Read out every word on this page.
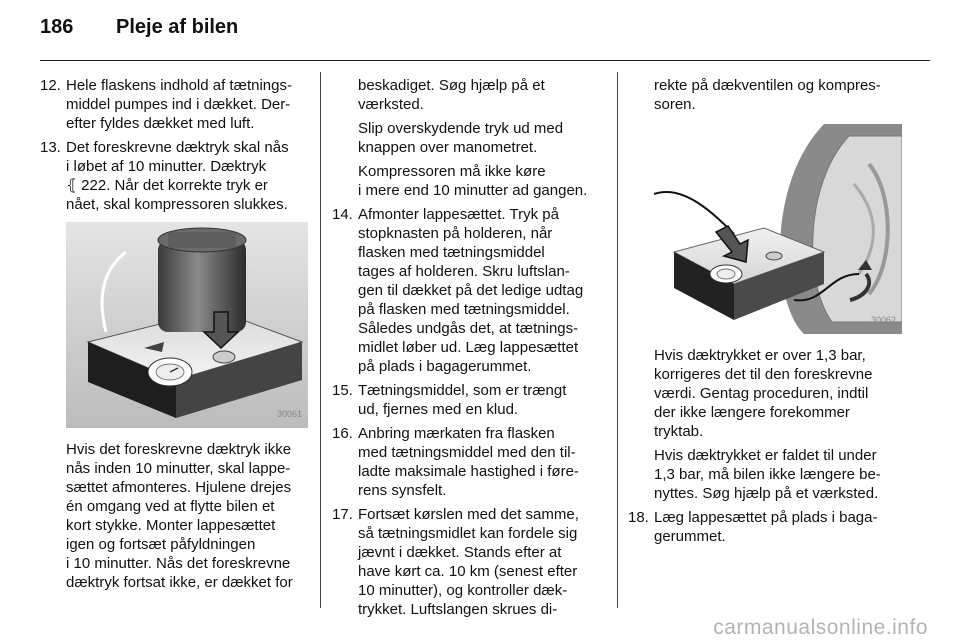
186 Pleje af bilen
12. Hele flaskens indhold af tætnings-
middel pumpes ind i dækket. Der-
efter fyldes dækket med luft.
13. Det foreskrevne dæktryk skal nås
i løbet af 10 minutter. Dæktryk
⦃ 222. Når det korrekte tryk er
nået, skal kompressoren slukkes.
30061
Hvis det foreskrevne dæktryk ikke
nås inden 10 minutter, skal lappe-
sættet afmonteres. Hjulene drejes
én omgang ved at flytte bilen et
kort stykke. Monter lappesættet
igen og fortsæt påfyldningen
i 10 minutter. Nås det foreskrevne
dæktryk fortsat ikke, er dækket for
beskadiget. Søg hjælp på et
værksted.
Slip overskydende tryk ud med
knappen over manometret.
Kompressoren må ikke køre
i mere end 10 minutter ad gangen.
14. Afmonter lappesættet. Tryk på
stopknasten på holderen, når
flasken med tætningsmiddel
tages af holderen. Skru luftslan-
gen til dækket på det ledige udtag
på flasken med tætningsmiddel.
Således undgås det, at tætnings-
midlet løber ud. Læg lappesættet
på plads i bagagerummet.
15. Tætningsmiddel, som er trængt
ud, fjernes med en klud.
16. Anbring mærkaten fra flasken
med tætningsmiddel med den til-
ladte maksimale hastighed i føre-
rens synsfelt.
17. Fortsæt kørslen med det samme,
så tætningsmidlet kan fordele sig
jævnt i dækket. Stands efter at
have kørt ca. 10 km (senest efter
10 minutter), og kontroller dæk-
trykket. Luftslangen skrues di-
rekte på dækventilen og kompres-
soren.
30062
Hvis dæktrykket er over 1,3 bar,
korrigeres det til den foreskrevne
værdi. Gentag proceduren, indtil
der ikke længere forekommer
tryktab.
Hvis dæktrykket er faldet til under
1,3 bar, må bilen ikke længere be-
nyttes. Søg hjælp på et værksted.
18. Læg lappesættet på plads i baga-
gerummet.
carmanualsonline.info
